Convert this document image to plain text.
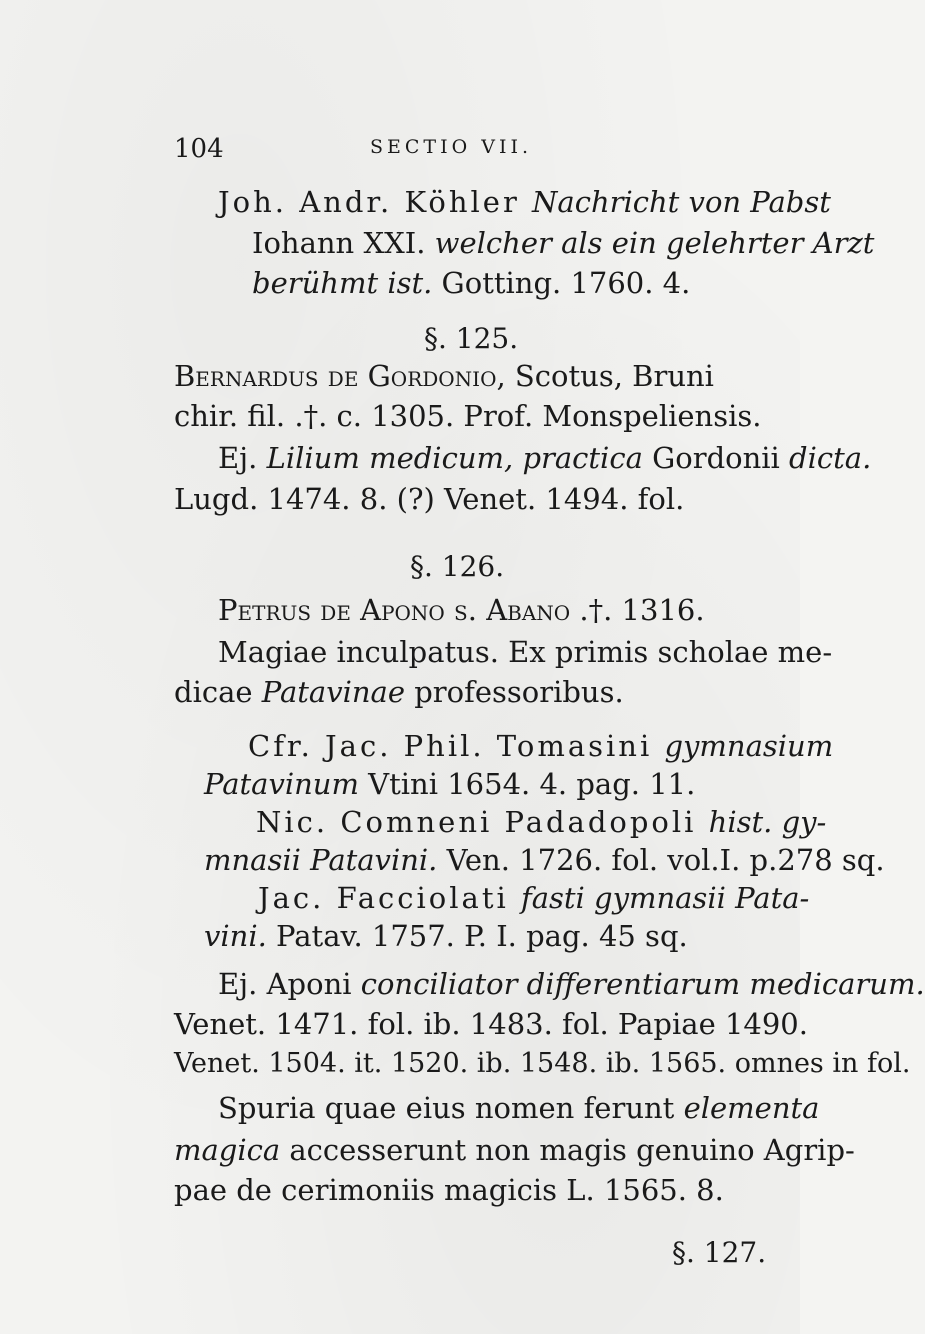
104	SECTIO VII.
Joh. Andr. Köhler Nachricht von Pabst
Iohann XXI. welcher als ein gelehrter Arzt
berühmt ist. Gotting. 1760. 4.
§. 125.
Bernardus de Gordonio, Scotus, Bruni
chir. fil. .†. c. 1305. Prof. Monspeliensis.
Ej. Lilium medicum, practica Gordonii dicta.
Lugd. 1474. 8. (?) Venet. 1494. fol.
§. 126.
Petrus de Apono s. Abano .†. 1316.
Magiae inculpatus. Ex primis scholae me-
dicae Patavinae professoribus.
Cfr. Jac. Phil. Tomasini gymnasium
Patavinum Vtini 1654. 4. pag. 11.
Nic. Comneni Padadopoli hist. gy-
mnasii Patavini. Ven. 1726. fol. vol.I. p.278 sq.
Jac. Facciolati fasti gymnasii Pata-
vini. Patav. 1757. P. I. pag. 45 sq.
Ej. Aponi conciliator differentiarum medicarum.
Venet. 1471. fol. ib. 1483. fol. Papiae 1490.
Venet. 1504. it. 1520. ib. 1548. ib. 1565. omnes in fol.
Spuria quae eius nomen ferunt elementa
magica accesserunt non magis genuino Agrip-
pae de cerimoniis magicis L. 1565. 8.
§. 127.
